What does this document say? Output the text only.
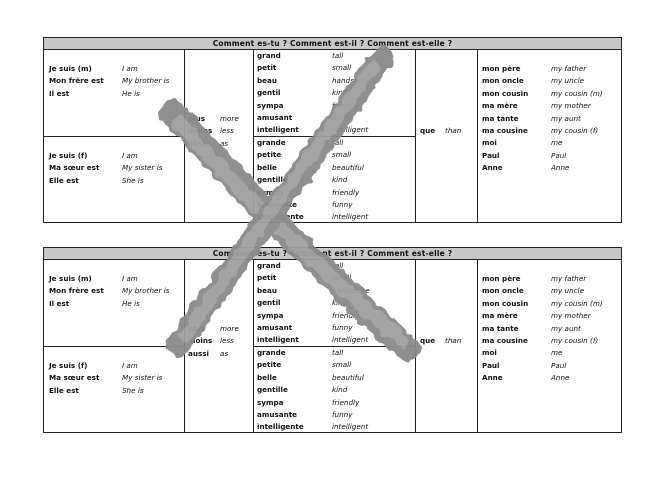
Comment es-tu ? Comment est-il ? Comment est-elle ?
Je suis (m)	I am
Mon frère est	My brother is
Il est	He is
Je suis (f)	I am
Ma sœur est	My sister is
Elle est	She is
plus	more
moins	less
aussi	as
grand	tall
petit	small
beau	handsome
gentil	kind
sympa	friendly
amusant	funny
intelligent	intelligent
grande	tall
petite	small
belle	beautiful
gentille	kind
sympa	friendly
amusante	funny
intelligente	intelligent
que	than
mon père	my father
mon oncle	my uncle
mon cousin	my cousin (m)
ma mère	my mother
ma tante	my aunt
ma cousine	my cousin (f)
moi	me
Paul	Paul
Anne	Anne
Comment es-tu ? Comment est-il ? Comment est-elle ?
Je suis (m)	I am
Mon frère est	My brother is
Il est	He is
Je suis (f)	I am
Ma sœur est	My sister is
Elle est	She is
plus	more
moins	less
aussi	as
grand	tall
petit	small
beau	handsome
gentil	kind
sympa	friendly
amusant	funny
intelligent	intelligent
grande	tall
petite	small
belle	beautiful
gentille	kind
sympa	friendly
amusante	funny
intelligente	intelligent
que	than
mon père	my father
mon oncle	my uncle
mon cousin	my cousin (m)
ma mère	my mother
ma tante	my aunt
ma cousine	my cousin (f)
moi	me
Paul	Paul
Anne	Anne
